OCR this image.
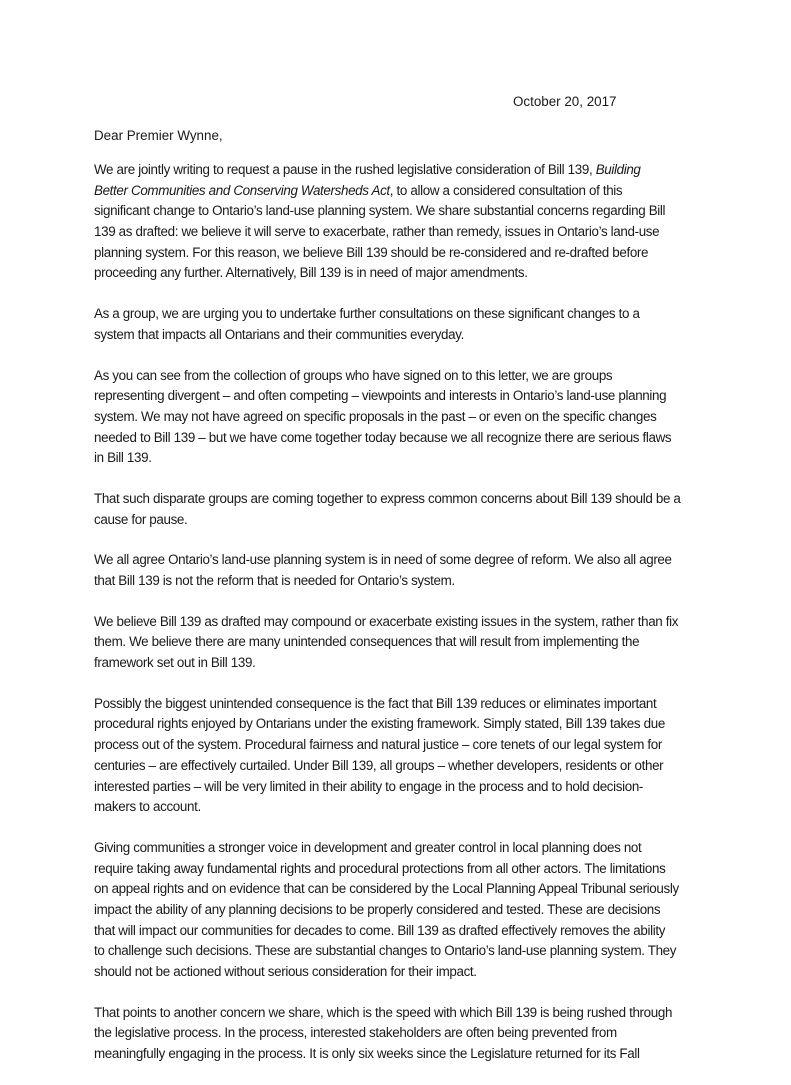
October 20, 2017
Dear Premier Wynne,
We are jointly writing to request a pause in the rushed legislative consideration of Bill 139, Building
Better Communities and Conserving Watersheds Act, to allow a considered consultation of this
significant change to Ontario’s land-use planning system. We share substantial concerns regarding Bill
139 as drafted: we believe it will serve to exacerbate, rather than remedy, issues in Ontario’s land-use
planning system. For this reason, we believe Bill 139 should be re-considered and re-drafted before
proceeding any further. Alternatively, Bill 139 is in need of major amendments.
As a group, we are urging you to undertake further consultations on these significant changes to a
system that impacts all Ontarians and their communities everyday.
As you can see from the collection of groups who have signed on to this letter, we are groups
representing divergent – and often competing – viewpoints and interests in Ontario’s land-use planning
system. We may not have agreed on specific proposals in the past – or even on the specific changes
needed to Bill 139 – but we have come together today because we all recognize there are serious flaws
in Bill 139.
That such disparate groups are coming together to express common concerns about Bill 139 should be a
cause for pause.
We all agree Ontario’s land-use planning system is in need of some degree of reform. We also all agree
that Bill 139 is not the reform that is needed for Ontario’s system.
We believe Bill 139 as drafted may compound or exacerbate existing issues in the system, rather than fix
them. We believe there are many unintended consequences that will result from implementing the
framework set out in Bill 139.
Possibly the biggest unintended consequence is the fact that Bill 139 reduces or eliminates important
procedural rights enjoyed by Ontarians under the existing framework. Simply stated, Bill 139 takes due
process out of the system. Procedural fairness and natural justice – core tenets of our legal system for
centuries – are effectively curtailed. Under Bill 139, all groups – whether developers, residents or other
interested parties – will be very limited in their ability to engage in the process and to hold decision-
makers to account.
Giving communities a stronger voice in development and greater control in local planning does not
require taking away fundamental rights and procedural protections from all other actors. The limitations
on appeal rights and on evidence that can be considered by the Local Planning Appeal Tribunal seriously
impact the ability of any planning decisions to be properly considered and tested. These are decisions
that will impact our communities for decades to come. Bill 139 as drafted effectively removes the ability
to challenge such decisions. These are substantial changes to Ontario’s land-use planning system. They
should not be actioned without serious consideration for their impact.
That points to another concern we share, which is the speed with which Bill 139 is being rushed through
the legislative process. In the process, interested stakeholders are often being prevented from
meaningfully engaging in the process. It is only six weeks since the Legislature returned for its Fall
